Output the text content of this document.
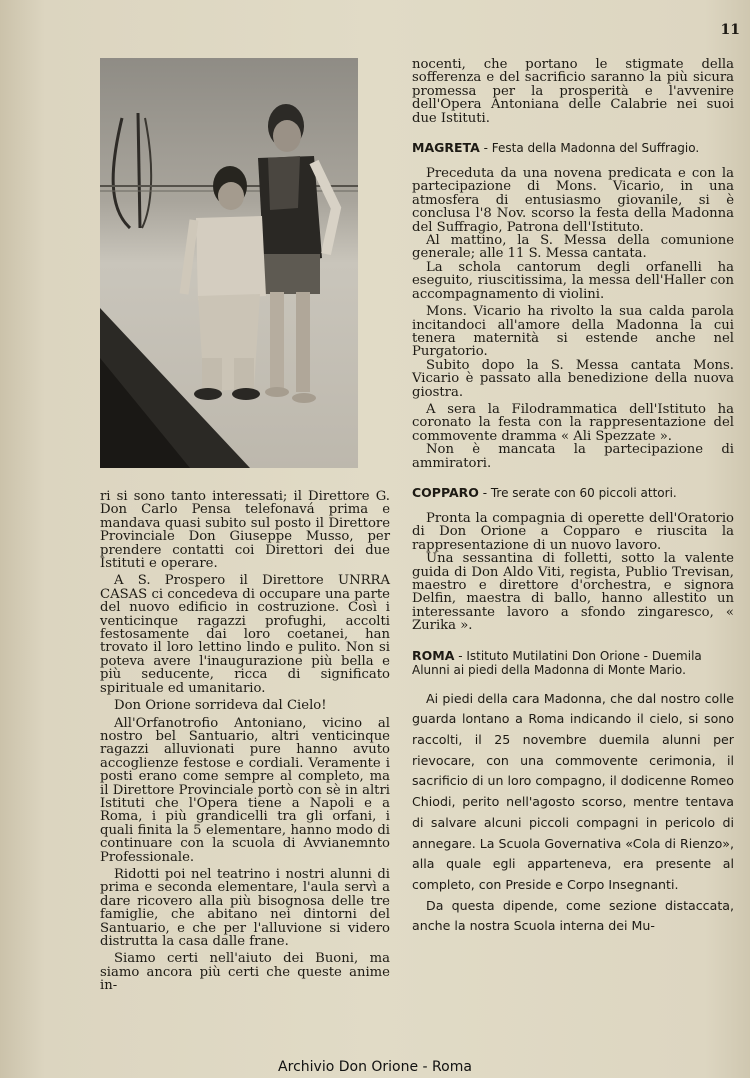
11

ri si sono tanto interessati; il Direttore G. Don Carlo Pensa telefonavá prima e mandava quasi subito sul posto il Direttore Provinciale Don Giuseppe Musso, per prendere contatti coi Direttori dei due Istituti e operare.

A S. Prospero il Direttore UNRRA CASAS ci concedeva di occupare una parte del nuovo edificio in costruzione. Così i venticinque ragazzi profughi, accolti festosamente dai loro coetanei, han trovato il loro lettino lindo e pulito. Non si poteva avere l'inaugurazione più bella e più seducente, ricca di significato spirituale ed umanitario.

Don Orione sorrideva dal Cielo!

All'Orfanotrofio Antoniano, vicino al nostro bel Santuario, altri venticinque ragazzi alluvionati pure hanno avuto accoglienze festose e cordiali. Veramente i posti erano come sempre al completo, ma il Direttore Provinciale portò con sè in altri Istituti che l'Opera tiene a Napoli e a Roma, i più grandicelli tra gli orfani, i quali finita la 5 elementare, hanno modo di continuare con la scuola di Avvianemnto Professionale.

Ridotti poi nel teatrino i nostri alunni di prima e seconda elementare, l'aula servì a dare ricovero alla più bisognosa delle tre famiglie, che abitano nei dintorni del Santuario, e che per l'alluvione si videro distrutta la casa dalle frane.

Siamo certi nell'aiuto dei Buoni, ma siamo ancora più certi che queste anime in-

nocenti, che portano le stigmate della sofferenza e del sacrificio saranno la più sicura promessa per la prosperità e l'avvenire dell'Opera Antoniana delle Calabrie nei suoi due Istituti.

MAGRETA - Festa della Madonna del Suffragio.

Preceduta da una novena predicata e con la partecipazione di Mons. Vicario, in una atmosfera di entusiasmo giovanile, si è conclusa l'8 Nov. scorso la festa della Madonna del Suffragio, Patrona dell'Istituto.

Al mattino, la S. Messa della comunione generale; alle 11 S. Messa cantata.

La schola cantorum degli orfanelli ha eseguito, riuscitissima, la messa dell'Haller con accompagnamento di violini.

Mons. Vicario ha rivolto la sua calda parola incitandoci all'amore della Madonna la cui tenera maternità si estende anche nel Purgatorio.

Subito dopo la S. Messa cantata Mons. Vicario è passato alla benedizione della nuova giostra.

A sera la Filodrammatica dell'Istituto ha coronato la festa con la rappresentazione del commovente dramma « Ali Spezzate ».

Non è mancata la partecipazione di ammiratori.

COPPARO - Tre serate con 60 piccoli attori.

Pronta la compagnia di operette dell'Oratorio di Don Orione a Copparo e riuscita la rappresentazione di un nuovo lavoro.

Una sessantina di folletti, sotto la valente guida di Don Aldo Viti, regista, Publio Trevisan, maestro e direttore d'orchestra, e signora Delfin, maestra di ballo, hanno allestito un interessante lavoro a sfondo zingaresco, « Zurika ».

ROMA - Istituto Mutilatini Don Orione - Duemila Alunni ai piedi della Madonna di Monte Mario.

Ai piedi della cara Madonna, che dal nostro colle guarda lontano a Roma indicando il cielo, si sono raccolti, il 25 novembre duemila alunni per rievocare, con una commovente cerimonia, il sacrificio di un loro compagno, il dodicenne Romeo Chiodi, perito nell'agosto scorso, mentre tentava di salvare alcuni piccoli compagni in pericolo di annegare. La Scuola Governativa «Cola di Rienzo», alla quale egli apparteneva, era presente al completo, con Preside e Corpo Insegnanti.

Da questa dipende, come sezione distaccata, anche la nostra Scuola interna dei Mu-

Archivio Don Orione - Roma
